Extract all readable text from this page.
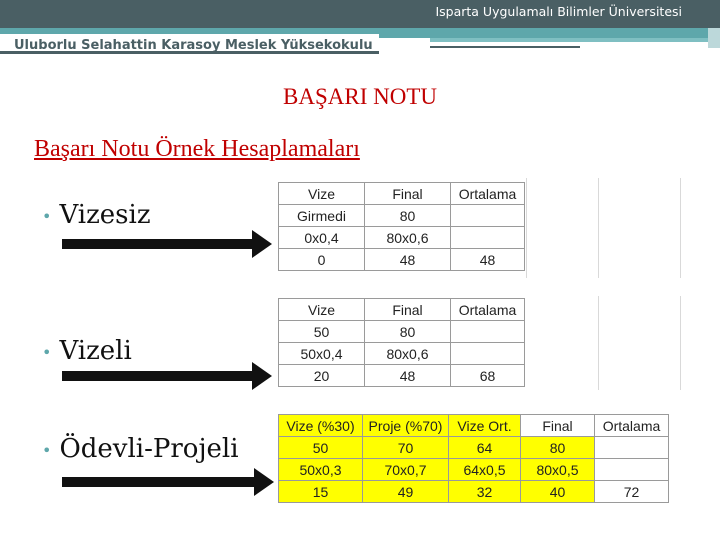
Isparta Uygulamalı Bilimler Üniversitesi
Uluborlu Selahattin Karasoy Meslek Yüksekokulu
BAŞARI NOTU
Başarı Notu Örnek Hesaplamaları
• Vizesiz
• Vizeli
• Ödevli-Projeli
Vize	Final	Ortalama
Girmedi	80	
0x0,4	80x0,6	
0	48	48
Vize	Final	Ortalama
50	80	
50x0,4	80x0,6	
20	48	68
Vize (%30)	Proje (%70)	Vize Ort.	Final	Ortalama
50	70	64	80	
50x0,3	70x0,7	64x0,5	80x0,5	
15	49	32	40	72
